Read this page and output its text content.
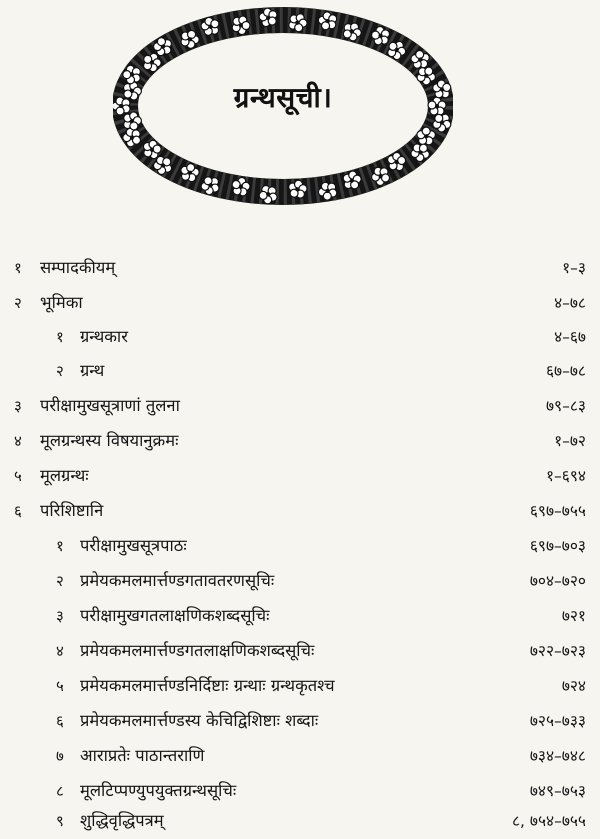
ग्रन्थसूची।
१ सम्पादकीयम्	१–३
२ भूमिका	४–७८
१ ग्रन्थकार	४–६७
२ ग्रन्थ	६७–७८
३ परीक्षामुखसूत्राणां तुलना	७९–८३
४ मूलग्रन्थस्य विषयानुक्रमः	१–७२
५ मूलग्रन्थः	१–६९४
६ परिशिष्टानि	६९७–७५५
१ परीक्षामुखसूत्रपाठः	६९७–७०३
२ प्रमेयकमलमार्त्तण्डगतावतरणसूचिः	७०४–७२०
३ परीक्षामुखगतलाक्षणिकशब्दसूचिः	७२१
४ प्रमेयकमलमार्त्तण्डगतलाक्षणिकशब्दसूचिः	७२२–७२३
५ प्रमेयकमलमार्त्तण्डनिर्दिष्टाः ग्रन्थाः ग्रन्थकृतश्च	७२४
६ प्रमेयकमलमार्त्तण्डस्य केचिद्विशिष्टाः शब्दाः	७२५–७३३
७ आराप्रतेः पाठान्तराणि	७३४–७४८
८ मूलटिप्पण्युपयुक्तग्रन्थसूचिः	७४९–७५३
९ शुद्धिवृद्धिपत्रम्	८, ७५४–७५५
